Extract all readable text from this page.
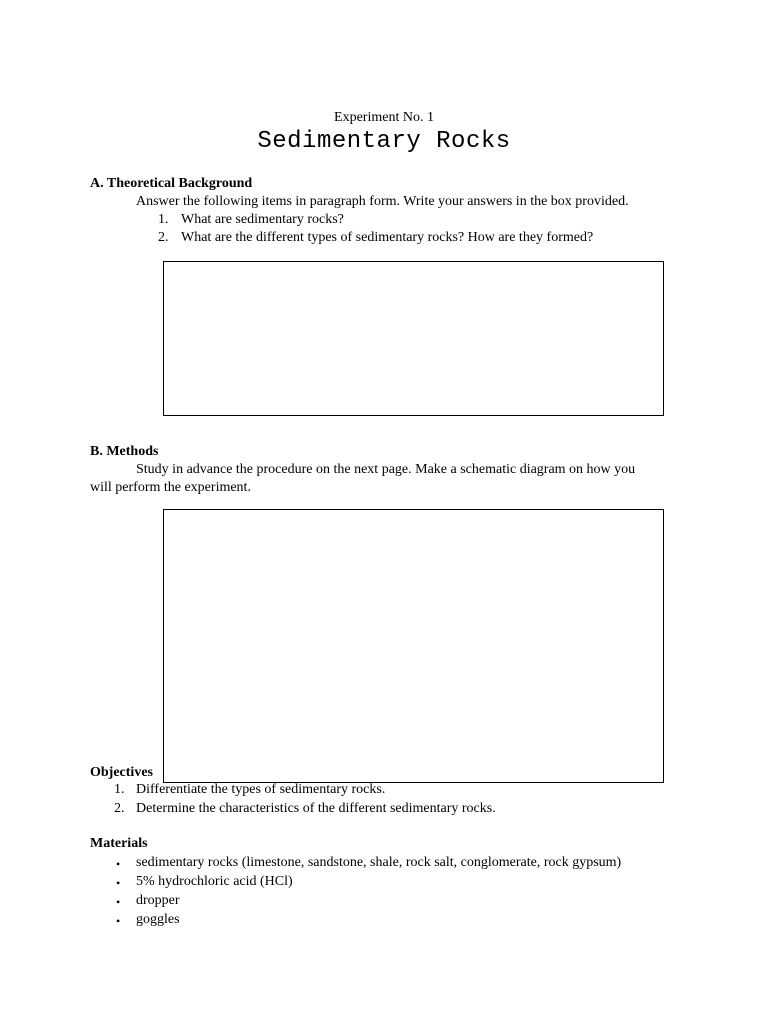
Experiment No. 1
Sedimentary Rocks
A. Theoretical Background
Answer the following items in paragraph form. Write your answers in the box provided.
1. What are sedimentary rocks?
2. What are the different types of sedimentary rocks? How are they formed?
B. Methods
Study in advance the procedure on the next page. Make a schematic diagram on how you
will perform the experiment.
Objectives
1. Differentiate the types of sedimentary rocks.
2. Determine the characteristics of the different sedimentary rocks.
Materials
• sedimentary rocks (limestone, sandstone, shale, rock salt, conglomerate, rock gypsum)
• 5% hydrochloric acid (HCl)
• dropper
• goggles
